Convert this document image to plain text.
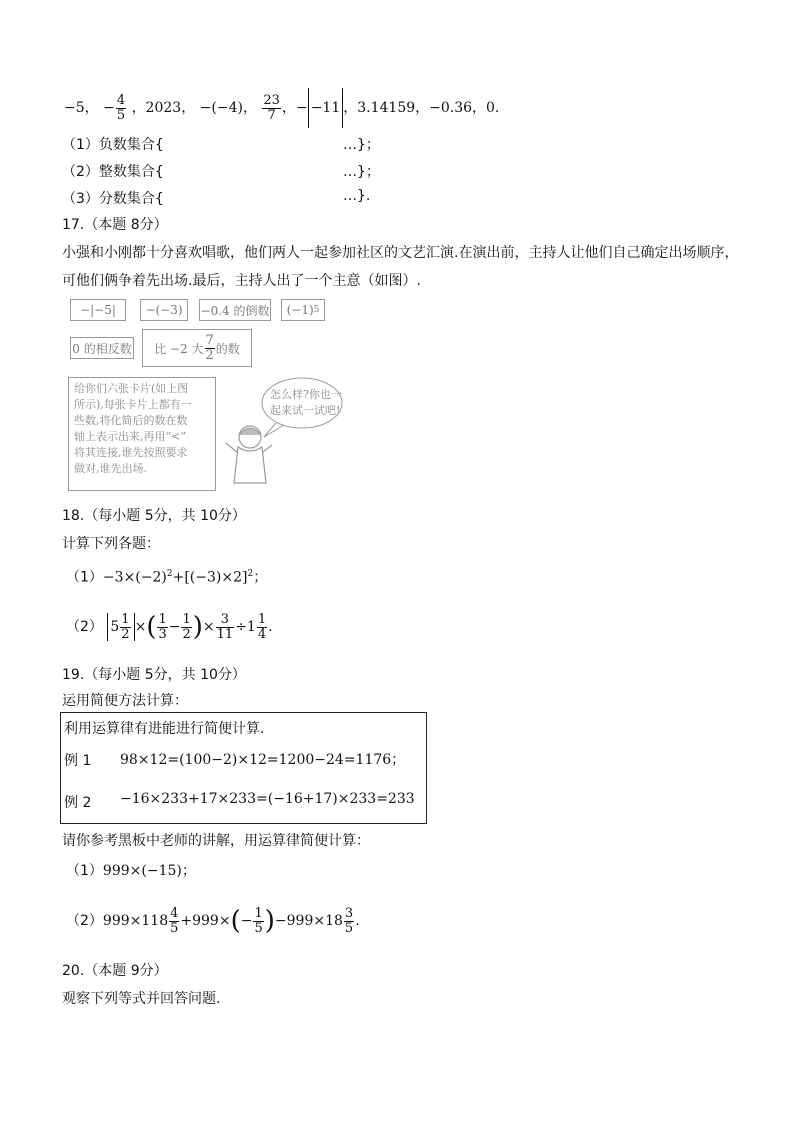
−5， − $\frac{4}{5}$ ，2023， −(−4)， $\frac{23}{7}$ ，− −11 ，3.14159，−0.36，0.
（1）负数集合{	…}；
（2）整数集合{	…}；
（3）分数集合{	…}.
17.（本题 8分）
小强和小刚都十分喜欢唱歌，他们两人一起参加社区的文艺汇演.在演出前，主持人让他们自己确定出场顺序，
可他们俩争着先出场.最后，主持人出了一个主意（如图）.
−|−5|	−(−3)	−0.4 的倒数 (−1) 5
0 的相反数 比 −2 大 $\frac{7}{2}$ 的数
给你们六张卡片(如上图
所示),每张卡片上都有一
些数,将化简后的数在数
轴上表示出来,再用“<”
将其连接,谁先按照要求
做对,谁先出场.
怎么样?你也一
起来试一试吧!
18.（每小题 5分，共 10分）
计算下列各题：
$(1)-3\times(-2)^2+[(-3)\times 2]^2$；
（2） $5 \frac{1}{2}$ ×( $\frac{1}{3} - \frac{1}{2}$ )× $\frac{3}{11} \div 1 \frac{1}{4}$ .
19.（每小题 5分，共 10分）
运用简便方法计算：
利用运算律有进能进行简便计算.
例 1 98×12=(100−2)×12=1200−24=1176；
例 2 −16×233+17×233=(−16+17)×233=233
请你参考黑板中老师的讲解，用运算律简便计算：
（1）999×(−15)；
$(2)999\times 118 \frac{4}{5} +999\times(- \frac{1}{5} )-999\times 18 \frac{3}{5}$ .
20.（本题 9分）
观察下列等式并回答问题.
